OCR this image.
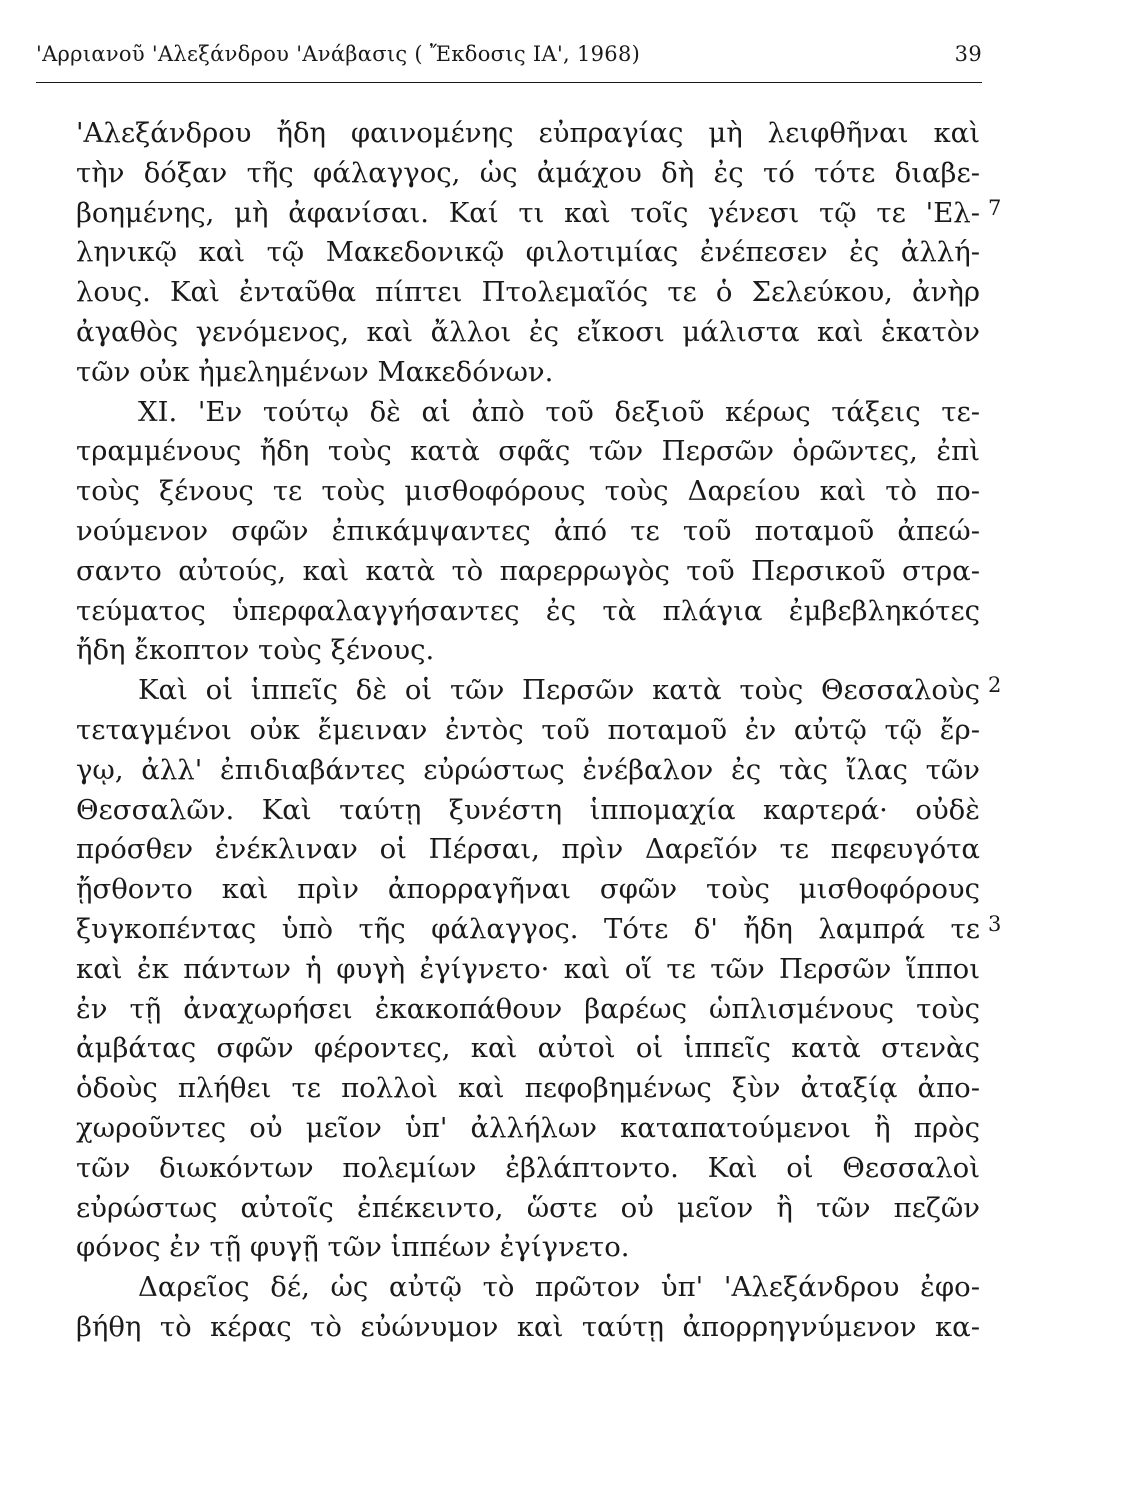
'Αρριανοῦ 'Αλεξάνδρου 'Ανάβασις ( Ἔκδοσις ΙΑ', 1968)	39
'Αλεξάνδρου ἤδη φαινομένης εὐπραγίας μὴ λειφθῆναι καὶ
τὴν δόξαν τῆς φάλαγγος, ὡς ἀμάχου δὴ ἐς τό τότε διαβε-
βοημένης, μὴ ἀφανίσαι. Καί τι καὶ τοῖς γένεσι τῷ τε 'Ελ-
ληνικῷ καὶ τῷ Μακεδονικῷ φιλοτιμίας ἐνέπεσεν ἐς ἀλλή-
λους. Καὶ ἐνταῦθα πίπτει Πτολεμαῖός τε ὁ Σελεύκου, ἀνὴρ
ἀγαθὸς γενόμενος, καὶ ἄλλοι ἐς εἴκοσι μάλιστα καὶ ἑκατὸν
τῶν οὐκ ἠμελημένων Μακεδόνων.
XI. 'Εν τούτῳ δὲ αἱ ἀπὸ τοῦ δεξιοῦ κέρως τάξεις τε-
τραμμένους ἤδη τοὺς κατὰ σφᾶς τῶν Περσῶν ὁρῶντες, ἐπὶ
τοὺς ξένους τε τοὺς μισθοφόρους τοὺς Δαρείου καὶ τὸ πο-
νούμενον σφῶν ἐπικάμψαντες ἀπό τε τοῦ ποταμοῦ ἀπεώ-
σαντο αὐτούς, καὶ κατὰ τὸ παρερρωγὸς τοῦ Περσικοῦ στρα-
τεύματος ὑπερφαλαγγήσαντες ἐς τὰ πλάγια ἐμβεβληκότες
ἤδη ἔκοπτον τοὺς ξένους.
Καὶ οἱ ἱππεῖς δὲ οἱ τῶν Περσῶν κατὰ τοὺς Θεσσαλοὺς
τεταγμένοι οὐκ ἔμειναν ἐντὸς τοῦ ποταμοῦ ἐν αὐτῷ τῷ ἔρ-
γῳ, ἀλλ' ἐπιδιαβάντες εὐρώστως ἐνέβαλον ἐς τὰς ἴλας τῶν
Θεσσαλῶν. Καὶ ταύτῃ ξυνέστη ἱππομαχία καρτερά· οὐδὲ
πρόσθεν ἐνέκλιναν οἱ Πέρσαι, πρὶν Δαρεῖόν τε πεφευγότα
ᾔσθοντο καὶ πρὶν ἀπορραγῆναι σφῶν τοὺς μισθοφόρους
ξυγκοπέντας ὑπὸ τῆς φάλαγγος. Τότε δ' ἤδη λαμπρά τε
καὶ ἐκ πάντων ἡ φυγὴ ἐγίγνετο· καὶ οἵ τε τῶν Περσῶν ἵπποι
ἐν τῇ ἀναχωρήσει ἐκακοπάθουν βαρέως ὡπλισμένους τοὺς
ἀμβάτας σφῶν φέροντες, καὶ αὐτοὶ οἱ ἱππεῖς κατὰ στενὰς
ὁδοὺς πλήθει τε πολλοὶ καὶ πεφοβημένως ξὺν ἀταξίᾳ ἀπο-
χωροῦντες οὐ μεῖον ὑπ' ἀλλήλων καταπατούμενοι ἢ πρὸς
τῶν διωκόντων πολεμίων ἐβλάπτοντο. Καὶ οἱ Θεσσαλοὶ
εὐρώστως αὐτοῖς ἐπέκειντο, ὥστε οὐ μεῖον ἢ τῶν πεζῶν
φόνος ἐν τῇ φυγῇ τῶν ἱππέων ἐγίγνετο.
Δαρεῖος δέ, ὡς αὐτῷ τὸ πρῶτον ὑπ' 'Αλεξάνδρου ἐφο-
βήθη τὸ κέρας τὸ εὐώνυμον καὶ ταύτῃ ἀπορρηγνύμενον κα-
7
2
3
